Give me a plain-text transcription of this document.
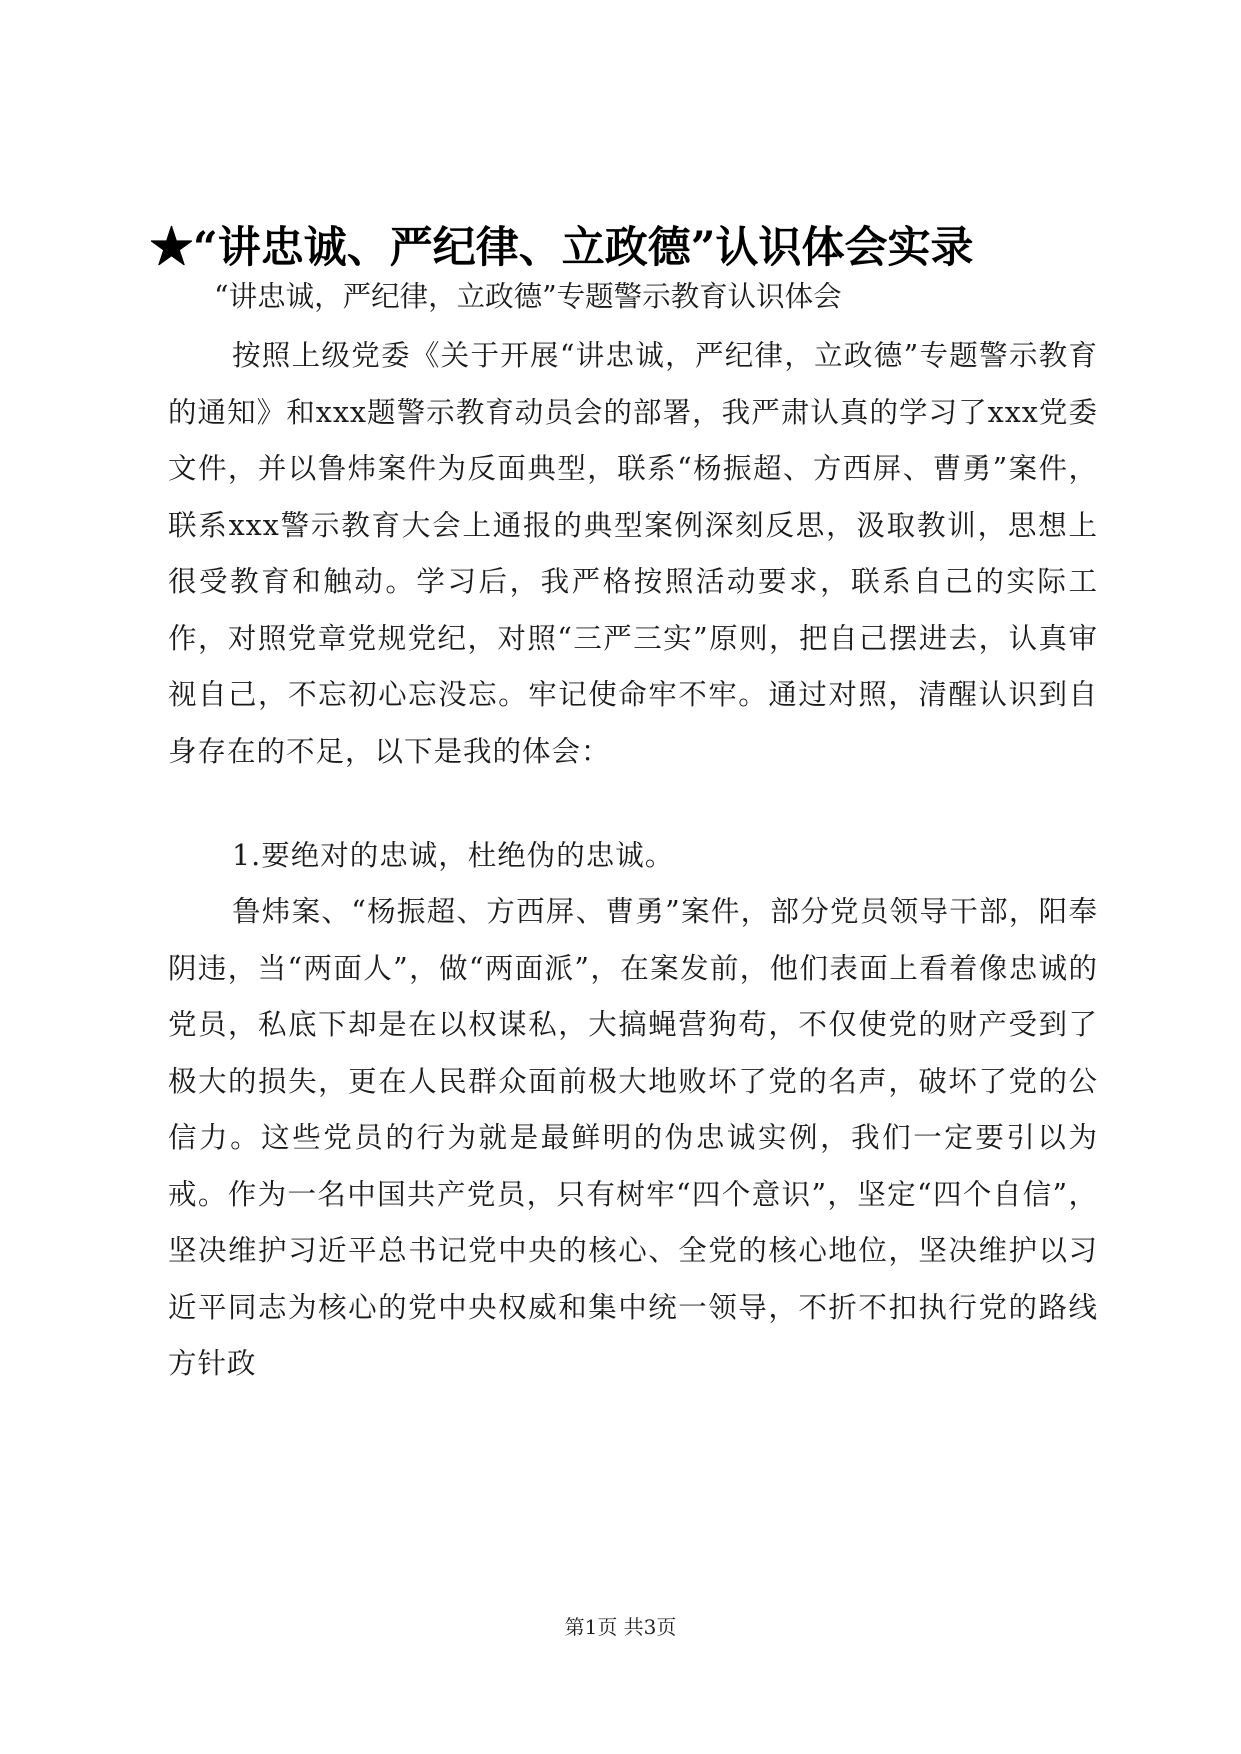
★“讲忠诚、严纪律、立政德”认识体会实录
“讲忠诚，严纪律，立政德”专题警示教育认识体会

按照上级党委《关于开展“讲忠诚，严纪律，立政德”专题警示教育的通知》和xxx题警示教育动员会的部署，我严肃认真的学习了xxx党委文件，并以鲁炜案件为反面典型，联系“杨振超、方西屏、曹勇”案件，联系xxx警示教育大会上通报的典型案例深刻反思，汲取教训，思想上很受教育和触动。学习后，我严格按照活动要求，联系自己的实际工作，对照党章党规党纪，对照“三严三实”原则，把自己摆进去，认真审视自己，不忘初心忘没忘。牢记使命牢不牢。通过对照，清醒认识到自身存在的不足，以下是我的体会：

1.要绝对的忠诚，杜绝伪的忠诚。

鲁炜案、“杨振超、方西屏、曹勇”案件，部分党员领导干部，阳奉阴违，当“两面人”，做“两面派”，在案发前，他们表面上看着像忠诚的党员，私底下却是在以权谋私，大搞蝇营狗苟，不仅使党的财产受到了极大的损失，更在人民群众面前极大地败坏了党的名声，破坏了党的公信力。这些党员的行为就是最鲜明的伪忠诚实例，我们一定要引以为戒。作为一名中国共产党员，只有树牢“四个意识”，坚定“四个自信”，坚决维护习近平总书记党中央的核心、全党的核心地位，坚决维护以习近平同志为核心的党中央权威和集中统一领导，不折不扣执行党的路线方针政

第1页 共3页
